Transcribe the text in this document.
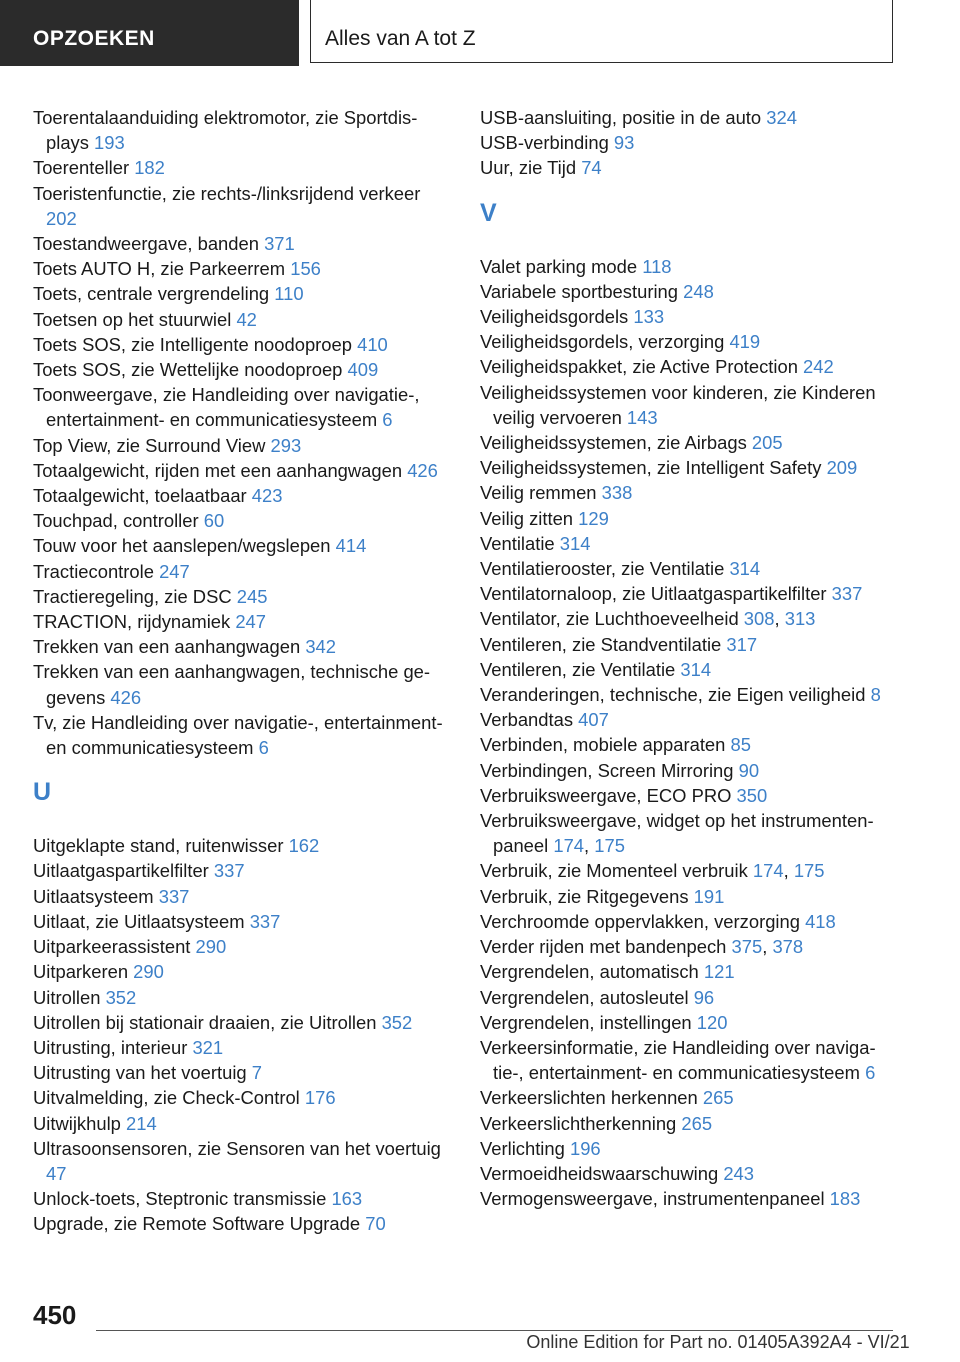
OPZOEKEN	Alles van A tot Z

Toerentalaanduiding elektromotor, zie Sportdisplays 193

Toerenteller 182

Toeristenfunctie, zie rechts-/linksrijdend verkeer 202

Toestandweergave, banden 371

Toets AUTO H, zie Parkeerrem 156

Toets, centrale vergrendeling 110

Toetsen op het stuurwiel 42

Toets SOS, zie Intelligente noodoproep 410

Toets SOS, zie Wettelijke noodoproep 409

Toonweergave, zie Handleiding over navigatie-, entertainment- en communicatiesysteem 6

Top View, zie Surround View 293

Totaalgewicht, rijden met een aanhangwagen 426

Totaalgewicht, toelaatbaar 423

Touchpad, controller 60

Touw voor het aanslepen/wegslepen 414

Tractiecontrole 247

Tractieregeling, zie DSC 245

TRACTION, rijdynamiek 247

Trekken van een aanhangwagen 342

Trekken van een aanhangwagen, technische gegevens 426

Tv, zie Handleiding over navigatie-, entertainment- en communicatiesysteem 6

U

Uitgeklapte stand, ruitenwisser 162

Uitlaatgaspartikelfilter 337

Uitlaatsysteem 337

Uitlaat, zie Uitlaatsysteem 337

Uitparkeerassistent 290

Uitparkeren 290

Uitrollen 352

Uitrollen bij stationair draaien, zie Uitrollen 352

Uitrusting, interieur 321

Uitrusting van het voertuig 7

Uitvalmelding, zie Check-Control 176

Uitwijkhulp 214

Ultrasoonsensoren, zie Sensoren van het voertuig 47

Unlock-toets, Steptronic transmissie 163

Upgrade, zie Remote Software Upgrade 70

USB-aansluiting, positie in de auto 324

USB-verbinding 93

Uur, zie Tijd 74

V

Valet parking mode 118

Variabele sportbesturing 248

Veiligheidsgordels 133

Veiligheidsgordels, verzorging 419

Veiligheidspakket, zie Active Protection 242

Veiligheidssystemen voor kinderen, zie Kinderen veilig vervoeren 143

Veiligheidssystemen, zie Airbags 205

Veiligheidssystemen, zie Intelligent Safety 209

Veilig remmen 338

Veilig zitten 129

Ventilatie 314

Ventilatierooster, zie Ventilatie 314

Ventilatornaloop, zie Uitlaatgaspartikelfilter 337

Ventilator, zie Luchthoeveelheid 308, 313

Ventileren, zie Standventilatie 317

Ventileren, zie Ventilatie 314

Veranderingen, technische, zie Eigen veiligheid 8

Verbandtas 407

Verbinden, mobiele apparaten 85

Verbindingen, Screen Mirroring 90

Verbruiksweergave, ECO PRO 350

Verbruiksweergave, widget op het instrumentenpaneel 174, 175

Verbruik, zie Momenteel verbruik 174, 175

Verbruik, zie Ritgegevens 191

Verchroomde oppervlakken, verzorging 418

Verder rijden met bandenpech 375, 378

Vergrendelen, automatisch 121

Vergrendelen, autosleutel 96

Vergrendelen, instellingen 120

Verkeersinformatie, zie Handleiding over navigatie-, entertainment- en communicatiesysteem 6

Verkeerslichten herkennen 265

Verkeerslichtherkenning 265

Verlichting 196

Vermoeidheidswaarschuwing 243

Vermogensweergave, instrumentenpaneel 183

450
Online Edition for Part no. 01405A392A4 - VI/21
